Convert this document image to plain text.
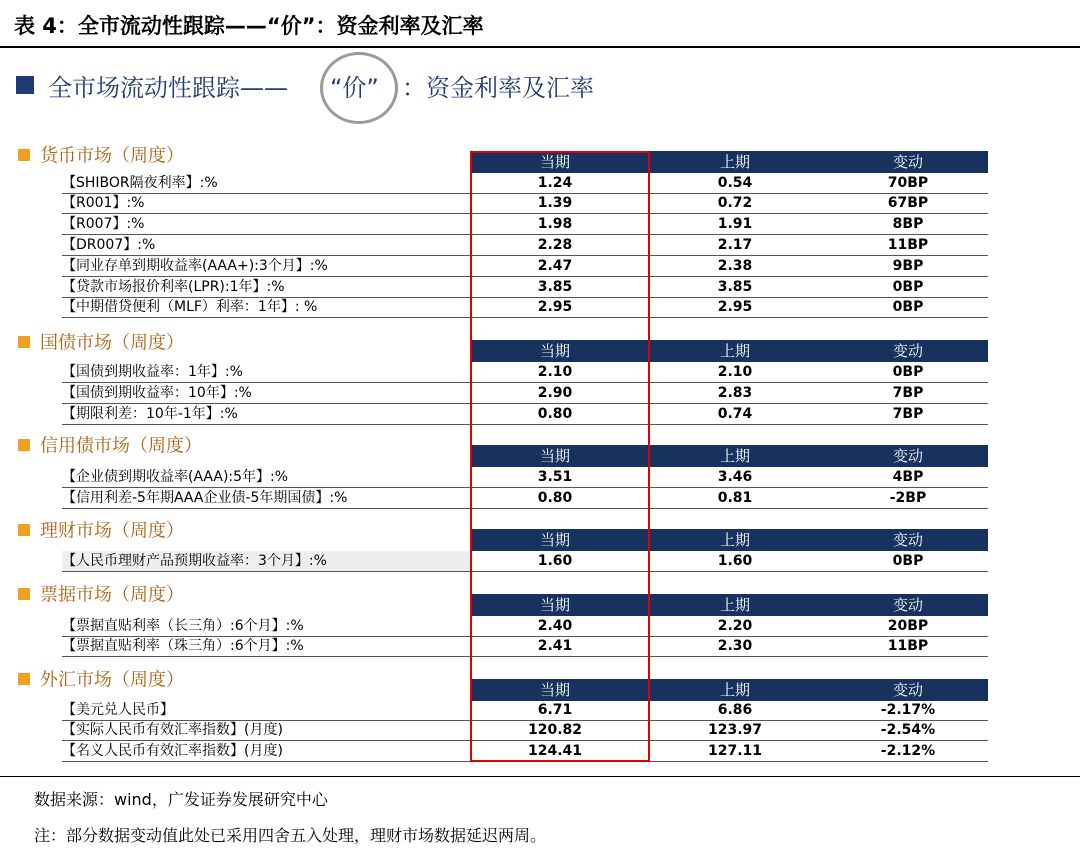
表 4：全市流动性跟踪——“价”：资金利率及汇率
全市场流动性跟踪—— “价” ：资金利率及汇率
货币市场（周度）	当期	上期	变动
【SHIBOR隔夜利率】:%	1.24	0.54	70BP
【R001】:%	1.39	0.72	67BP
【R007】:%	1.98	1.91	8BP
【DR007】:%	2.28	2.17	11BP
【同业存单到期收益率(AAA+):3个月】:%	2.47	2.38	9BP
【贷款市场报价利率(LPR):1年】:%	3.85	3.85	0BP
【中期借贷便利（MLF）利率：1年】: %	2.95	2.95	0BP
国债市场（周度）	当期	上期	变动
【国债到期收益率：1年】:%	2.10	2.10	0BP
【国债到期收益率：10年】:%	2.90	2.83	7BP
【期限利差：10年-1年】:%	0.80	0.74	7BP
信用债市场（周度）	当期	上期	变动
【企业债到期收益率(AAA):5年】:%	3.51	3.46	4BP
【信用利差-5年期AAA企业债-5年期国债】:%	0.80	0.81	-2BP
理财市场（周度）	当期	上期	变动
【人民币理财产品预期收益率：3个月】:%	1.60	1.60	0BP
票据市场（周度）	当期	上期	变动
【票据直贴利率（长三角）:6个月】:%	2.40	2.20	20BP
【票据直贴利率（珠三角）:6个月】:%	2.41	2.30	11BP
外汇市场（周度）	当期	上期	变动
【美元兑人民币】	6.71	6.86	-2.17%
【实际人民币有效汇率指数】(月度)	120.82	123.97	-2.54%
【名义人民币有效汇率指数】(月度)	124.41	127.11	-2.12%
数据来源：wind，广发证券发展研究中心
注：部分数据变动值此处已采用四舍五入处理，理财市场数据延迟两周。
